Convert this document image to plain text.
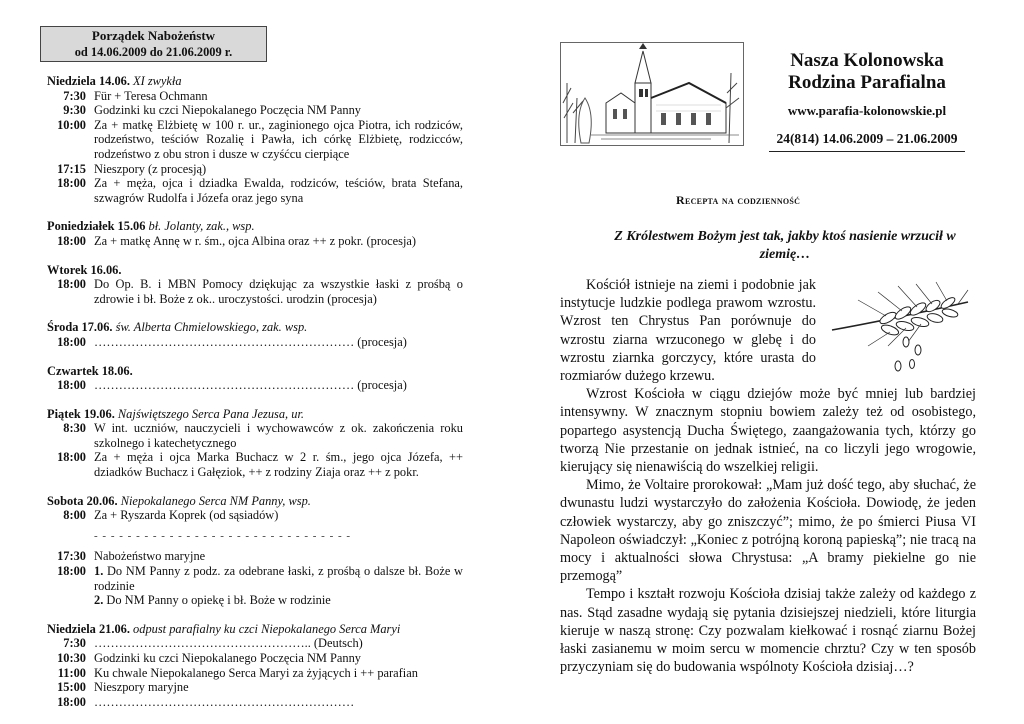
Porządek Nabożeństw
od 14.06.2009 do 21.06.2009 r.
Niedziela 14.06. XI zwykła
7:30 Für + Teresa Ochmann
9:30 Godzinki ku czci Niepokalanego Poczęcia NM Panny
10:00 Za + matkę Elżbietę w 100 r. ur., zaginionego ojca Piotra, ich rodziców, rodzeństwo, teściów Rozalię i Pawła, ich córkę Elżbietę, rodzicców, rodzeństwo z obu stron i dusze w czyśćcu cierpiące
17:15 Nieszpory (z procesją)
18:00 Za + męża, ojca i dziadka Ewalda, rodziców, teściów, brata Stefana, szwagrów Rudolfa i Józefa oraz jego syna
Poniedziałek 15.06 bł. Jolanty, zak., wsp.
18:00 Za + matkę Annę w r. śm., ojca Albina oraz ++ z pokr. (procesja)
Wtorek 16.06.
18:00 Do Op. B. i MBN Pomocy dziękując za wszystkie łaski z prośbą o zdrowie i bł. Boże z ok.. uroczystości. urodzin (procesja)
Środa 17.06. św. Alberta Chmielowskiego, zak. wsp.
18:00 ……………………………………………………… (procesja)
Czwartek 18.06.
18:00 ……………………………………………………… (procesja)
Piątek 19.06. Najświętszego Serca Pana Jezusa, ur.
8:30 W int. uczniów, nauczycieli i wychowawców z ok. zakończenia roku szkolnego i katechetycznego
18:00 Za + męża i ojca Marka Buchacz w 2 r. śm., jego ojca Józefa, ++ dziadków Buchacz i Gałęziok, ++ z rodziny Ziaja oraz ++ z pokr.
Sobota 20.06. Niepokalanego Serca NM Panny, wsp.
8:00 Za + Ryszarda Koprek (od sąsiadów)
- - - - - - - - - - - - - - - - - - - - - - - - - - - - - - -
17:30 Nabożeństwo maryjne
18:00 1. Do NM Panny z podz. za odebrane łaski, z prośbą o dalsze bł. Boże w rodzinie
2. Do NM Panny o opiekę i bł. Boże w rodzinie
Niedziela 21.06. odpust parafialny ku czci Niepokalanego Serca Maryi
7:30 …………………………………………….. (Deutsch)
10:30 Godzinki ku czci Niepokalanego Poczęcia NM Panny
11:00 Ku chwale Niepokalanego Serca Maryi za żyjących i ++ parafian
15:00 Nieszpory maryjne
18:00 ………………………………………………………
Nasza Kolonowska
Rodzina Parafialna
www.parafia-kolonowskie.pl
24(814) 14.06.2009 – 21.06.2009
Recepta na codzienność
Z Królestwem Bożym jest tak, jakby ktoś nasienie wrzucił w ziemię…

Kościół istnieje na ziemi i podobnie jak instytucje ludzkie podlega prawom wzrostu. Wzrost ten Chrystus Pan porównuje do wzrostu ziarna wrzuconego w glebę i do wzrostu ziarnka gorczycy, które urasta do rozmiarów dużego krzewu.

Wzrost Kościoła w ciągu dziejów może być mniej lub bardziej intensywny. W znacznym stopniu bowiem zależy też od osobistego, popartego asystencją Ducha Świętego, zaangażowania tych, którzy go tworzą Nie przestanie on jednak istnieć, na co liczyli jego wrogowie, kierujący się nienawiścią do wszelkiej religii.

Mimo, że Voltaire prorokował: „Mam już dość tego, aby słuchać, że dwunastu ludzi wystarczyło do założenia Kościoła. Dowiodę, że jeden człowiek wystarczy, aby go zniszczyć”; mimo, że po śmierci Piusa VI Napoleon oświadczył: „Koniec z potrójną koroną papieską”; nie tracą na mocy i aktualności słowa Chrystusa: „A bramy piekielne go nie przemogą”

Tempo i kształt rozwoju Kościoła dzisiaj także zależy od każdego z nas. Stąd zasadne wydają się pytania dzisiejszej niedzieli, które liturgia kieruje w naszą stronę: Czy pozwalam kiełkować i rosnąć ziarnu Bożej łaski zasianemu w moim sercu w momencie chrztu? Czy w ten sposób przyczyniam się do budowania wspólnoty Kościoła dzisiaj…?
